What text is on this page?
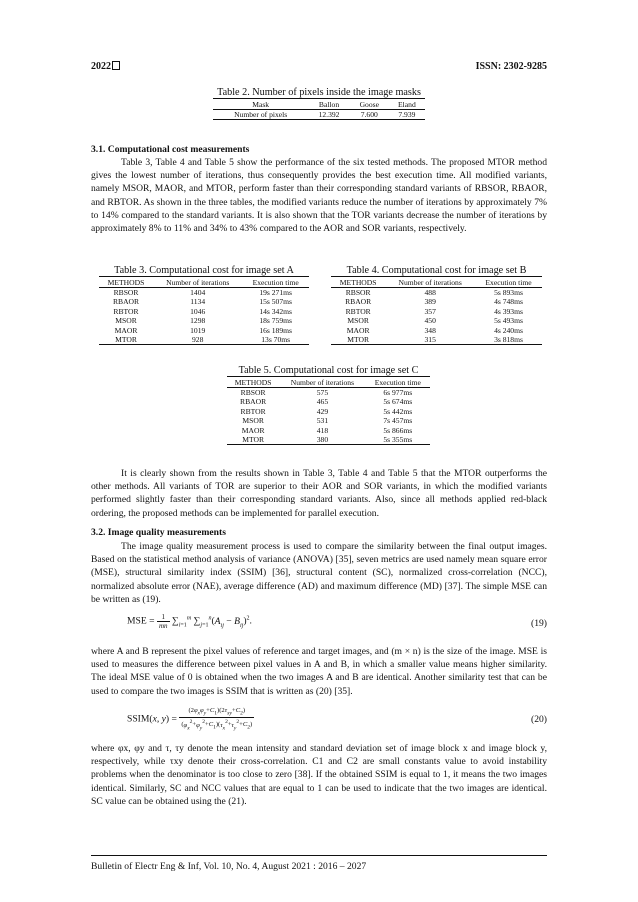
2022	ISSN: 2302-9285
Table 2. Number of pixels inside the image masks
Mask	Ballon	Goose	Eland
Number of pixels	12.392	7.600	7.939
3.1. Computational cost measurements

Table 3, Table 4 and Table 5 show the performance of the six tested methods. The proposed MTOR method gives the lowest number of iterations, thus consequently provides the best execution time. All modified variants, namely MSOR, MAOR, and MTOR, perform faster than their corresponding standard variants of RBSOR, RBAOR, and RBTOR. As shown in the three tables, the modified variants reduce the number of iterations by approximately 7% to 14% compared to the standard variants. It is also shown that the TOR variants decrease the number of iterations by approximately 8% to 11% and 34% to 43% compared to the AOR and SOR variants, respectively.

Table 3. Computational cost for image set A
METHODS	Number of iterations	Execution time
RBSOR	1404	19s 271ms
RBAOR	1134	15s 507ms
RBTOR	1046	14s 342ms
MSOR	1298	18s 759ms
MAOR	1019	16s 189ms
MTOR	928	13s 70ms
Table 4. Computational cost for image set B
METHODS	Number of iterations	Execution time
RBSOR	488	5s 893ms
RBAOR	389	4s 748ms
RBTOR	357	4s 393ms
MSOR	450	5s 493ms
MAOR	348	4s 240ms
MTOR	315	3s 818ms
Table 5. Computational cost for image set C
METHODS	Number of iterations	Execution time
RBSOR	575	6s 977ms
RBAOR	465	5s 674ms
RBTOR	429	5s 442ms
MSOR	531	7s 457ms
MAOR	418	5s 866ms
MTOR	380	5s 355ms

It is clearly shown from the results shown in Table 3, Table 4 and Table 5 that the MTOR outperforms the other methods. All variants of TOR are superior to their AOR and SOR variants, in which the modified variants performed slightly faster than their corresponding standard variants. Also, since all methods applied red-black ordering, the proposed methods can be implemented for parallel execution.

3.2. Image quality measurements

The image quality measurement process is used to compare the similarity between the final output images. Based on the statistical method analysis of variance (ANOVA) [35], seven metrics are used namely mean square error (MSE), structural similarity index (SSIM) [36], structural content (SC), normalized cross-correlation (NCC), normalized absolute error (NAE), average difference (AD) and maximum difference (MD) [37]. The simple MSE can be written as (19).

MSE = $\frac{1}{mn} \sum_{i=1}^m$ $\sum_{j=1}^n(A_{ij} - B_{ij})^2$.	(19)

where A and B represent the pixel values of reference and target images, and (m × n) is the size of the image. MSE is used to measures the difference between pixel values in A and B, in which a smaller value means higher similarity. The ideal MSE value of 0 is obtained when the two images A and B are identical. Another similarity test that can be used to compare the two images is SSIM that is written as (20) [35].

SSIM(x, $y) = \frac{(2\varphi_x\varphi_y+C_1)(2\tau_{xy}+C_2)}{(\varphi_x^2+\varphi_y^2+C_1)(\tau_x^2+\tau_y^2+C_2)}$	(20)

where φx, φy and τ, τy denote the mean intensity and standard deviation set of image block x and image block y, respectively, while τxy denote their cross-correlation. C1 and C2 are small constants value to avoid instability problems when the denominator is too close to zero [38]. If the obtained SSIM is equal to 1, it means the two images identical. Similarly, SC and NCC values that are equal to 1 can be used to indicate that the two images are identical. SC value can be obtained using the (21).

Bulletin of Electr Eng & Inf, Vol. 10, No. 4, August 2021 : 2016 – 2027
